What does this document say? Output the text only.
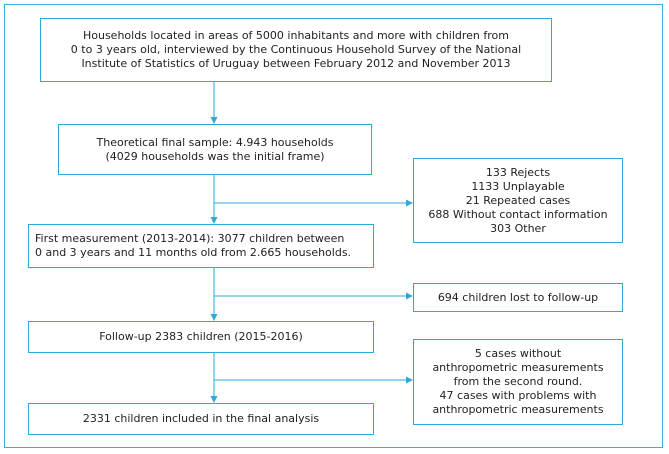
Households located in areas of 5000 inhabitants and more with children from
0 to 3 years old, interviewed by the Continuous Household Survey of the National
Institute of Statistics of Uruguay between February 2012 and November 2013
Theoretical final sample: 4.943 households
(4029 households was the initial frame)
133 Rejects
1133 Unplayable
21 Repeated cases
688 Without contact information
303 Other
First measurement (2013-2014): 3077 children between
0 and 3 years and 11 months old from 2.665 households.
694 children lost to follow-up
Follow-up 2383 children (2015-2016)
5 cases without
anthropometric measurements
from the second round.
47 cases with problems with
anthropometric measurements
2331 children included in the final analysis
